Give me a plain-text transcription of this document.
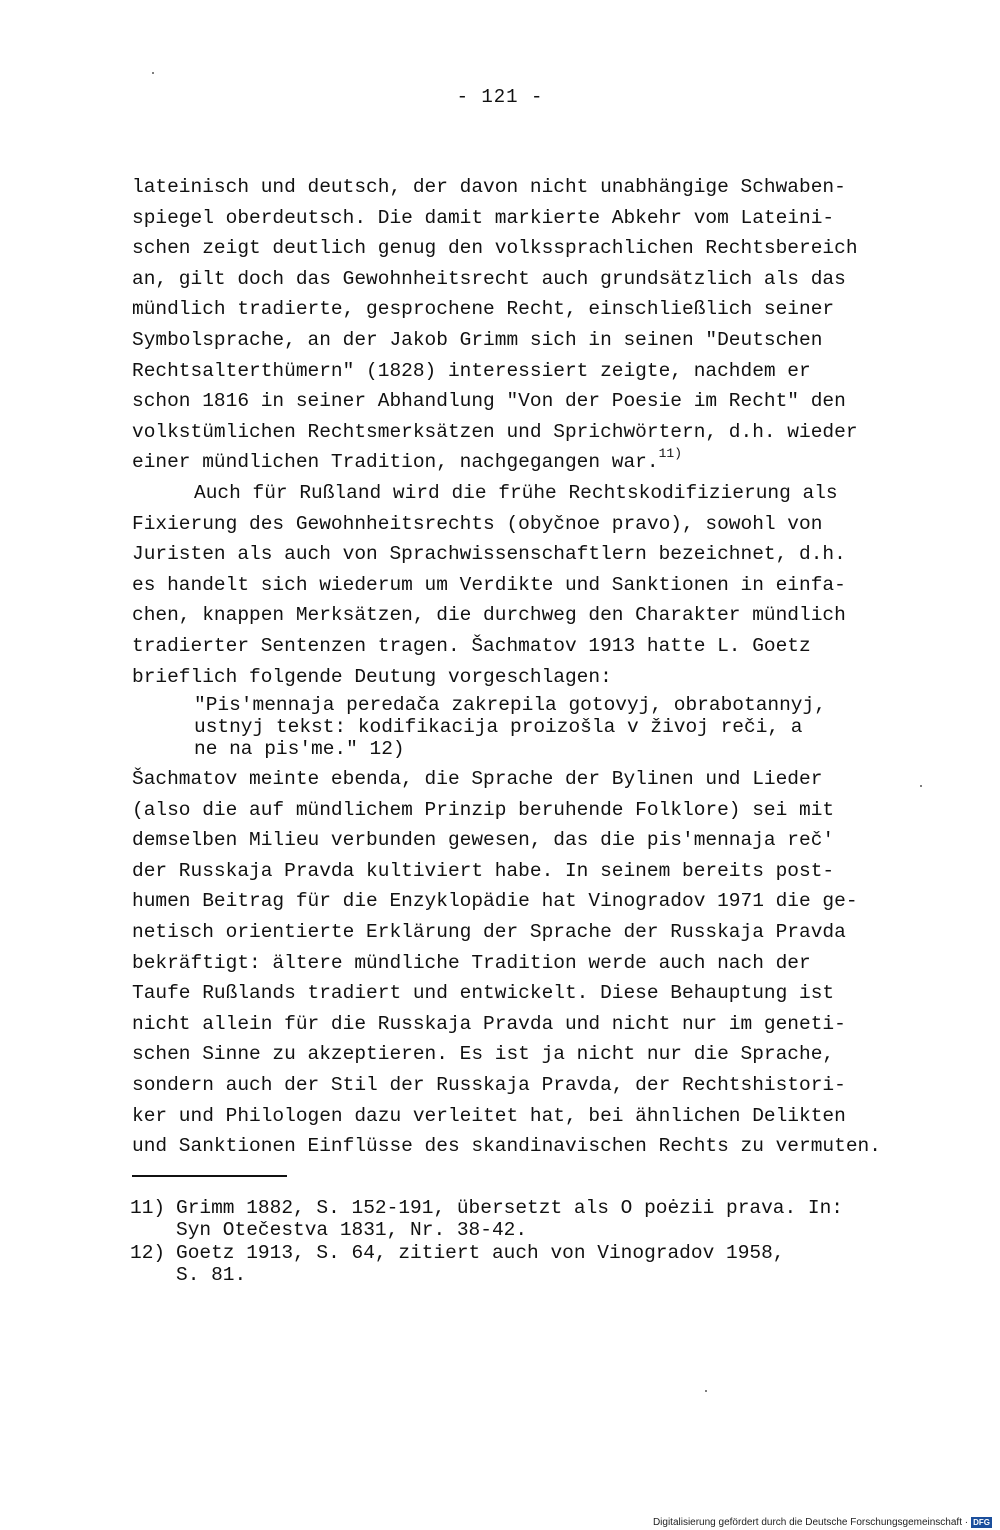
- 121 -
lateinisch und deutsch, der davon nicht unabhängige Schwaben-
spiegel oberdeutsch. Die damit markierte Abkehr vom Lateini-
schen zeigt deutlich genug den volkssprachlichen Rechtsbereich
an, gilt doch das Gewohnheitsrecht auch grundsätzlich als das
mündlich tradierte, gesprochene Recht, einschließlich seiner
Symbolsprache, an der Jakob Grimm sich in seinen "Deutschen
Rechtsalterthümern" (1828) interessiert zeigte, nachdem er
schon 1816 in seiner Abhandlung "Von der Poesie im Recht" den
volkstümlichen Rechtsmerksätzen und Sprichwörtern, d.h. wieder
einer mündlichen Tradition, nachgegangen war.$^{11)}$
Auch für Rußland wird die frühe Rechtskodifizierung als
Fixierung des Gewohnheitsrechts (obyčnoe pravo), sowohl von
Juristen als auch von Sprachwissenschaftlern bezeichnet, d.h.
es handelt sich wiederum um Verdikte und Sanktionen in einfa-
chen, knappen Merksätzen, die durchweg den Charakter mündlich
tradierter Sentenzen tragen. Šachmatov 1913 hatte L. Goetz
brieflich folgende Deutung vorgeschlagen:
"Pis'mennaja peredača zakrepila gotovyj, obrabotannyj,
ustnyj tekst: kodifikacija proizošla v živoj reči, a
ne na pis'me." 12)
Šachmatov meinte ebenda, die Sprache der Bylinen und Lieder
(also die auf mündlichem Prinzip beruhende Folklore) sei mit
demselben Milieu verbunden gewesen, das die pis'mennaja reč'
der Russkaja Pravda kultiviert habe. In seinem bereits post-
humen Beitrag für die Enzyklopädie hat Vinogradov 1971 die ge-
netisch orientierte Erklärung der Sprache der Russkaja Pravda
bekräftigt: ältere mündliche Tradition werde auch nach der
Taufe Rußlands tradiert und entwickelt. Diese Behauptung ist
nicht allein für die Russkaja Pravda und nicht nur im geneti-
schen Sinne zu akzeptieren. Es ist ja nicht nur die Sprache,
sondern auch der Stil der Russkaja Pravda, der Rechtshistori-
ker und Philologen dazu verleitet hat, bei ähnlichen Delikten
und Sanktionen Einflüsse des skandinavischen Rechts zu vermuten.
11) Grimm 1882, S. 152-191, übersetzt als O poėzii prava. In:
Syn Otečestva 1831, Nr. 38-42.
12) Goetz 1913, S. 64, zitiert auch von Vinogradov 1958,
S. 81.
Digitalisierung gefördert durch die Deutsche Forschungsgemeinschaft · DFG
